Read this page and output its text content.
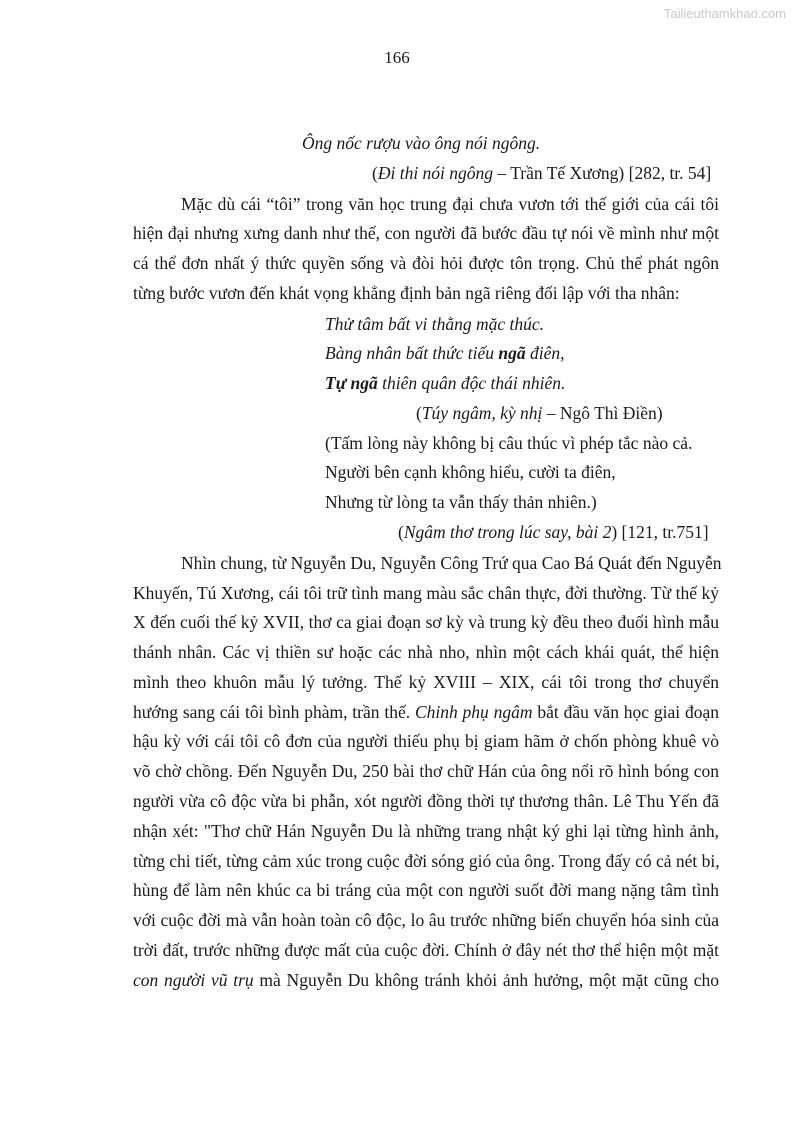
Tailieuthamkhao.com
166
Ông nốc rượu vào ông nói ngông.
(Đi thi nói ngông – Trần Tế Xương) [282, tr. 54]
Mặc dù cái “tôi” trong văn học trung đại chưa vươn tới thế giới của cái tôi
hiện đại nhưng xưng danh như thế, con người đã bước đầu tự nói về mình như một
cá thể đơn nhất ý thức quyền sống và đòi hỏi được tôn trọng. Chủ thể phát ngôn
từng bước vươn đến khát vọng khẳng định bản ngã riêng đối lập với tha nhân:
Thử tâm bất vi thằng mặc thúc.
Bàng nhân bất thức tiếu ngã điên,
Tự ngã thiên quân độc thái nhiên.
(Túy ngâm, kỳ nhị – Ngô Thì Điền)
(Tấm lòng này không bị câu thúc vì phép tắc nào cả.
Người bên cạnh không hiểu, cười ta điên,
Nhưng từ lòng ta vẫn thấy thản nhiên.)
(Ngâm thơ trong lúc say, bài 2) [121, tr.751]
Nhìn chung, từ Nguyễn Du, Nguyễn Công Trứ qua Cao Bá Quát đến Nguyễn
Khuyến, Tú Xương, cái tôi trữ tình mang màu sắc chân thực, đời thường. Từ thế kỷ
X đến cuối thế kỷ XVII, thơ ca giai đoạn sơ kỳ và trung kỳ đều theo đuổi hình mẫu
thánh nhân. Các vị thiền sư hoặc các nhà nho, nhìn một cách khái quát, thể hiện
mình theo khuôn mẫu lý tưởng. Thế kỷ XVIII – XIX, cái tôi trong thơ chuyển
hướng sang cái tôi bình phàm, trần thế. Chinh phụ ngâm bắt đầu văn học giai đoạn
hậu kỳ với cái tôi cô đơn của người thiếu phụ bị giam hãm ở chốn phòng khuê vò
võ chờ chồng. Đến Nguyễn Du, 250 bài thơ chữ Hán của ông nổi rõ hình bóng con
người vừa cô độc vừa bi phẫn, xót người đồng thời tự thương thân. Lê Thu Yến đã
nhận xét: "Thơ chữ Hán Nguyễn Du là những trang nhật ký ghi lại từng hình ảnh,
từng chi tiết, từng cảm xúc trong cuộc đời sóng gió của ông. Trong đấy có cả nét bi,
hùng để làm nên khúc ca bi tráng của một con người suốt đời mang nặng tâm tình
với cuộc đời mà vẫn hoàn toàn cô độc, lo âu trước những biến chuyển hóa sinh của
trời đất, trước những được mất của cuộc đời. Chính ở đây nét thơ thể hiện một mặt
con người vũ trụ mà Nguyễn Du không tránh khỏi ảnh hưởng, một mặt cũng cho
